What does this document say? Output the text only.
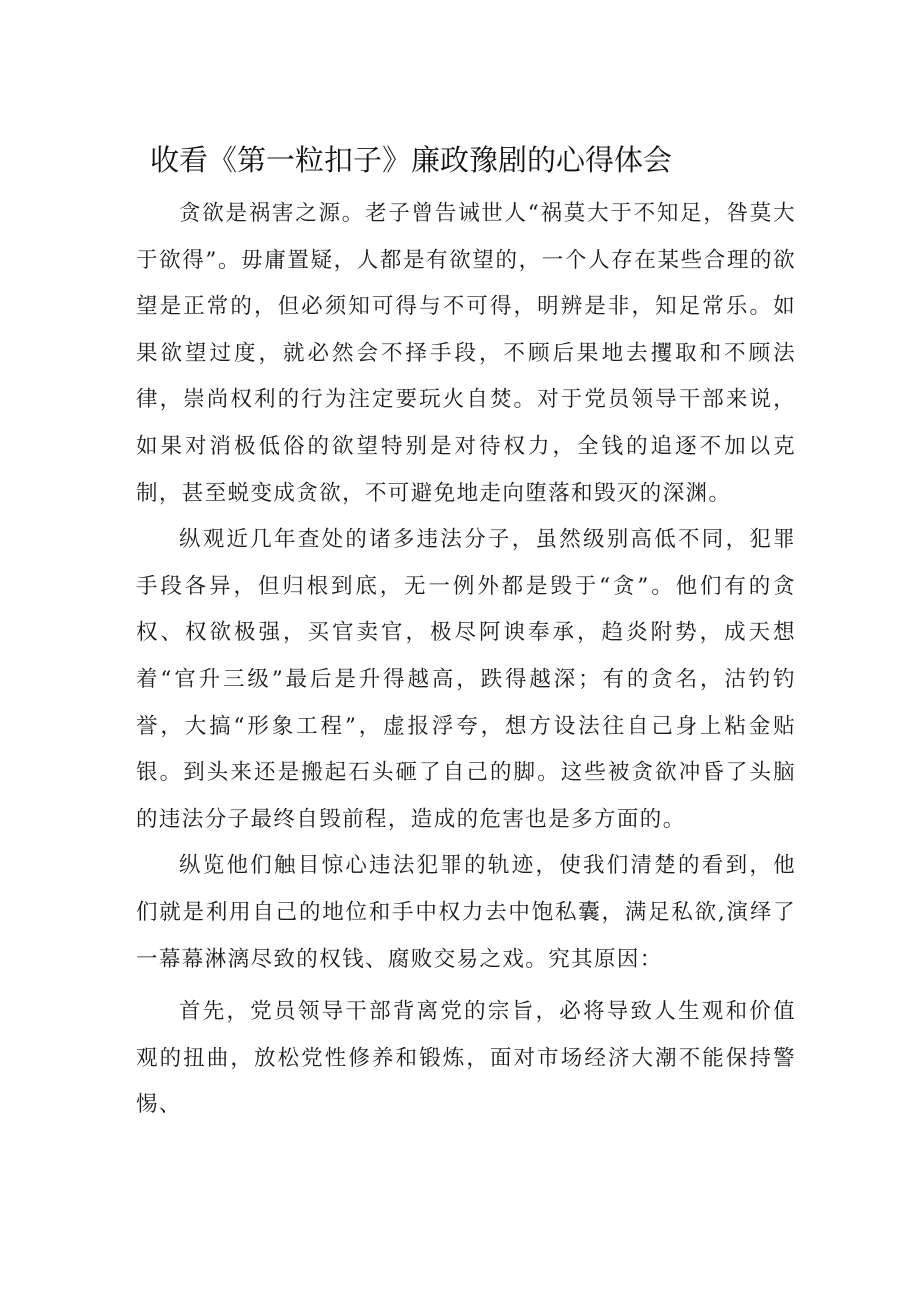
收看《第一粒扣子》廉政豫剧的心得体会

贪欲是祸害之源。老子曾告诫世人“祸莫大于不知足，咎莫大于欲得”。毋庸置疑，人都是有欲望的，一个人存在某些合理的欲望是正常的，但必须知可得与不可得，明辨是非，知足常乐。如果欲望过度，就必然会不择手段，不顾后果地去攫取和不顾法律，崇尚权利的行为注定要玩火自焚。对于党员领导干部来说，如果对消极低俗的欲望特别是对待权力，全钱的追逐不加以克制，甚至蜕变成贪欲，不可避免地走向堕落和毁灭的深渊。

纵观近几年查处的诸多违法分子，虽然级别高低不同，犯罪手段各异，但归根到底，无一例外都是毁于“贪”。他们有的贪权、权欲极强，买官卖官，极尽阿谀奉承，趋炎附势，成天想着“官升三级”最后是升得越高，跌得越深；有的贪名，沽钓钓誉，大搞“形象工程”，虚报浮夸，想方设法往自己身上粘金贴银。到头来还是搬起石头砸了自己的脚。这些被贪欲冲昏了头脑的违法分子最终自毁前程，造成的危害也是多方面的。

纵览他们触目惊心违法犯罪的轨迹，使我们清楚的看到，他们就是利用自己的地位和手中权力去中饱私囊，满足私欲,演绎了一幕幕淋漓尽致的权钱、腐败交易之戏。究其原因：

首先，党员领导干部背离党的宗旨，必将导致人生观和价值观的扭曲，放松党性修养和锻炼，面对市场经济大潮不能保持警惕、
